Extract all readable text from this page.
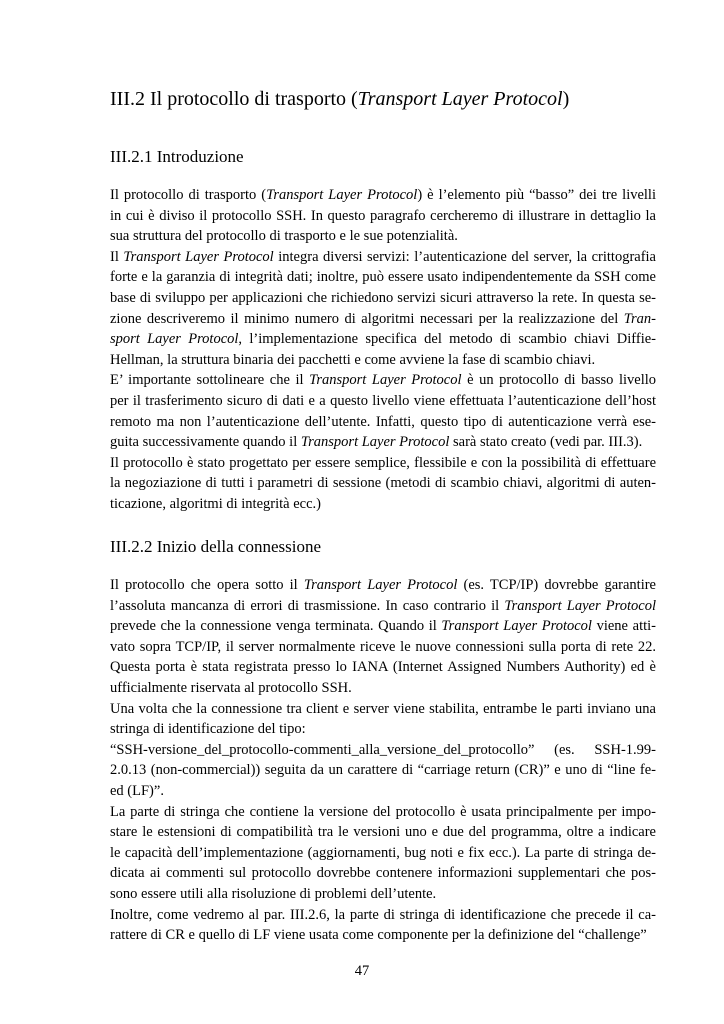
III.2 Il protocollo di trasporto (Transport Layer Protocol)
III.2.1 Introduzione
Il protocollo di trasporto (Transport Layer Protocol) è l’elemento più “basso” dei tre livelli
in cui è diviso il protocollo SSH. In questo paragrafo cercheremo di illustrare in dettaglio la
sua struttura del protocollo di trasporto e le sue potenzialità.
Il Transport Layer Protocol integra diversi servizi: l’autenticazione del server, la crittografia
forte e la garanzia di integrità dati; inoltre, può essere usato indipendentemente da SSH come
base di sviluppo per applicazioni che richiedono servizi sicuri attraverso la rete. In questa se-
zione descriveremo il minimo numero di algoritmi necessari per la realizzazione del Tran-
sport Layer Protocol, l’implementazione specifica del metodo di scambio chiavi Diffie-
Hellman, la struttura binaria dei pacchetti e come avviene la fase di scambio chiavi.
E’ importante sottolineare che il Transport Layer Protocol è un protocollo di basso livello
per il trasferimento sicuro di dati e a questo livello viene effettuata l’autenticazione dell’host
remoto ma non l’autenticazione dell’utente. Infatti, questo tipo di autenticazione verrà ese-
guita successivamente quando il Transport Layer Protocol sarà stato creato (vedi par. III.3).
Il protocollo è stato progettato per essere semplice, flessibile e con la possibilità di effettuare
la negoziazione di tutti i parametri di sessione (metodi di scambio chiavi, algoritmi di auten-
ticazione, algoritmi di integrità ecc.)
III.2.2 Inizio della connessione
Il protocollo che opera sotto il Transport Layer Protocol (es. TCP/IP) dovrebbe garantire
l’assoluta mancanza di errori di trasmissione. In caso contrario il Transport Layer Protocol
prevede che la connessione venga terminata. Quando il Transport Layer Protocol viene atti-
vato sopra TCP/IP, il server normalmente riceve le nuove connessioni sulla porta di rete 22.
Questa porta è stata registrata presso lo IANA (Internet Assigned Numbers Authority) ed è
ufficialmente riservata al protocollo SSH.
Una volta che la connessione tra client e server viene stabilita, entrambe le parti inviano una
stringa di identificazione del tipo:
“SSH-versione_del_protocollo-commenti_alla_versione_del_protocollo” (es. SSH-1.99-
2.0.13 (non-commercial)) seguita da un carattere di “carriage return (CR)” e uno di “line fe-
ed (LF)”.
La parte di stringa che contiene la versione del protocollo è usata principalmente per impo-
stare le estensioni di compatibilità tra le versioni uno e due del programma, oltre a indicare
le capacità dell’implementazione (aggiornamenti, bug noti e fix ecc.). La parte di stringa de-
dicata ai commenti sul protocollo dovrebbe contenere informazioni supplementari che pos-
sono essere utili alla risoluzione di problemi dell’utente.
Inoltre, come vedremo al par. III.2.6, la parte di stringa di identificazione che precede il ca-
rattere di CR e quello di LF viene usata come componente per la definizione del “challenge”
47
